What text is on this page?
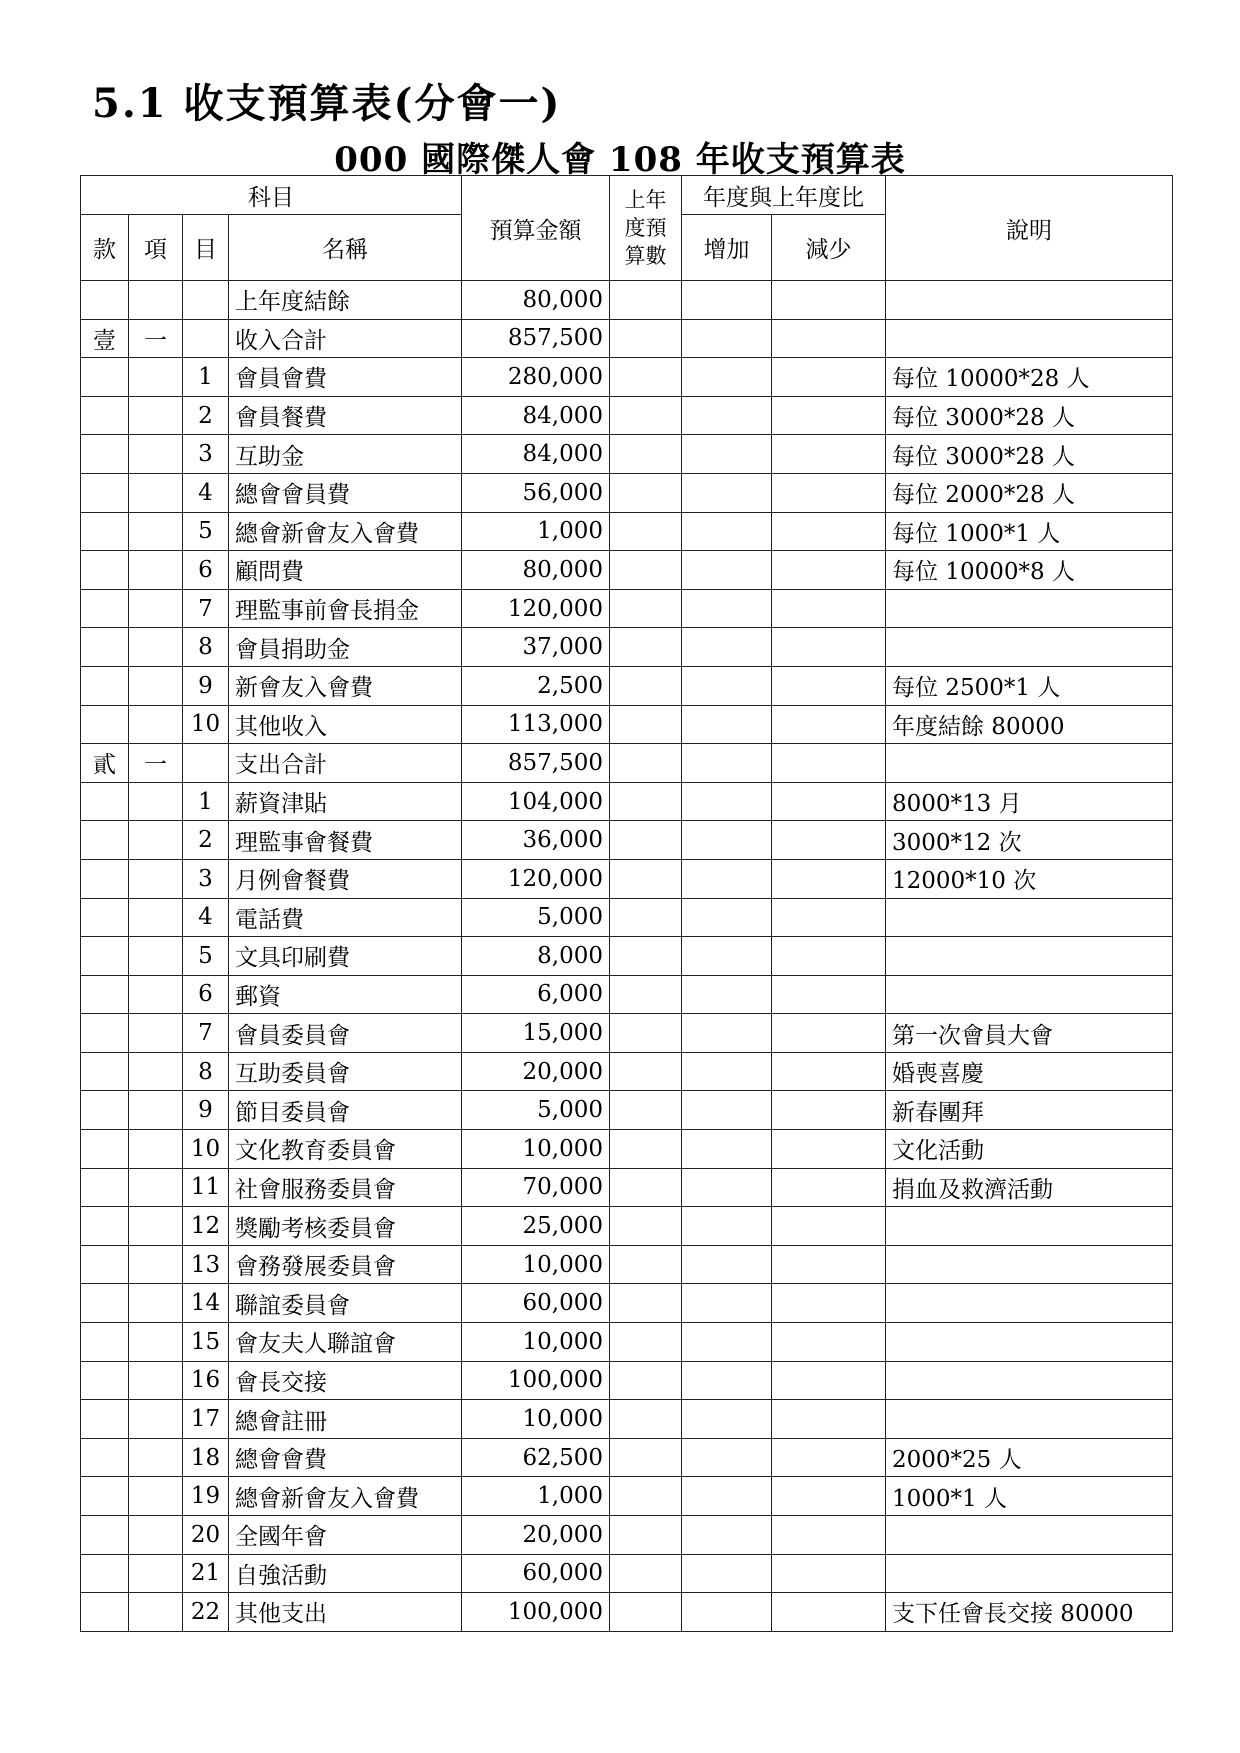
5.1 收支預算表(分會一)
000 國際傑人會 108 年收支預算表
科目				預算金額	上年度預算數	年度與上年度比		說明
款	項	目	名稱			增加	減少	
			上年度結餘	80,000				
壹	一		收入合計	857,500				
		1	會員會費	280,000				每位 10000*28 人
		2	會員餐費	84,000				每位 3000*28 人
		3	互助金	84,000				每位 3000*28 人
		4	總會會員費	56,000				每位 2000*28 人
		5	總會新會友入會費	1,000				每位 1000*1 人
		6	顧問費	80,000				每位 10000*8 人
		7	理監事前會長捐金	120,000				
		8	會員捐助金	37,000				
		9	新會友入會費	2,500				每位 2500*1 人
		10	其他收入	113,000				年度結餘 80000
貳	一		支出合計	857,500				
		1	薪資津貼	104,000				8000*13 月
		2	理監事會餐費	36,000				3000*12 次
		3	月例會餐費	120,000				12000*10 次
		4	電話費	5,000				
		5	文具印刷費	8,000				
		6	郵資	6,000				
		7	會員委員會	15,000				第一次會員大會
		8	互助委員會	20,000				婚喪喜慶
		9	節目委員會	5,000				新春團拜
		10	文化教育委員會	10,000				文化活動
		11	社會服務委員會	70,000				捐血及救濟活動
		12	獎勵考核委員會	25,000				
		13	會務發展委員會	10,000				
		14	聯誼委員會	60,000				
		15	會友夫人聯誼會	10,000				
		16	會長交接	100,000				
		17	總會註冊	10,000				
		18	總會會費	62,500				2000*25 人
		19	總會新會友入會費	1,000				1000*1 人
		20	全國年會	20,000				
		21	自強活動	60,000				
		22	其他支出	100,000				支下任會長交接 80000
